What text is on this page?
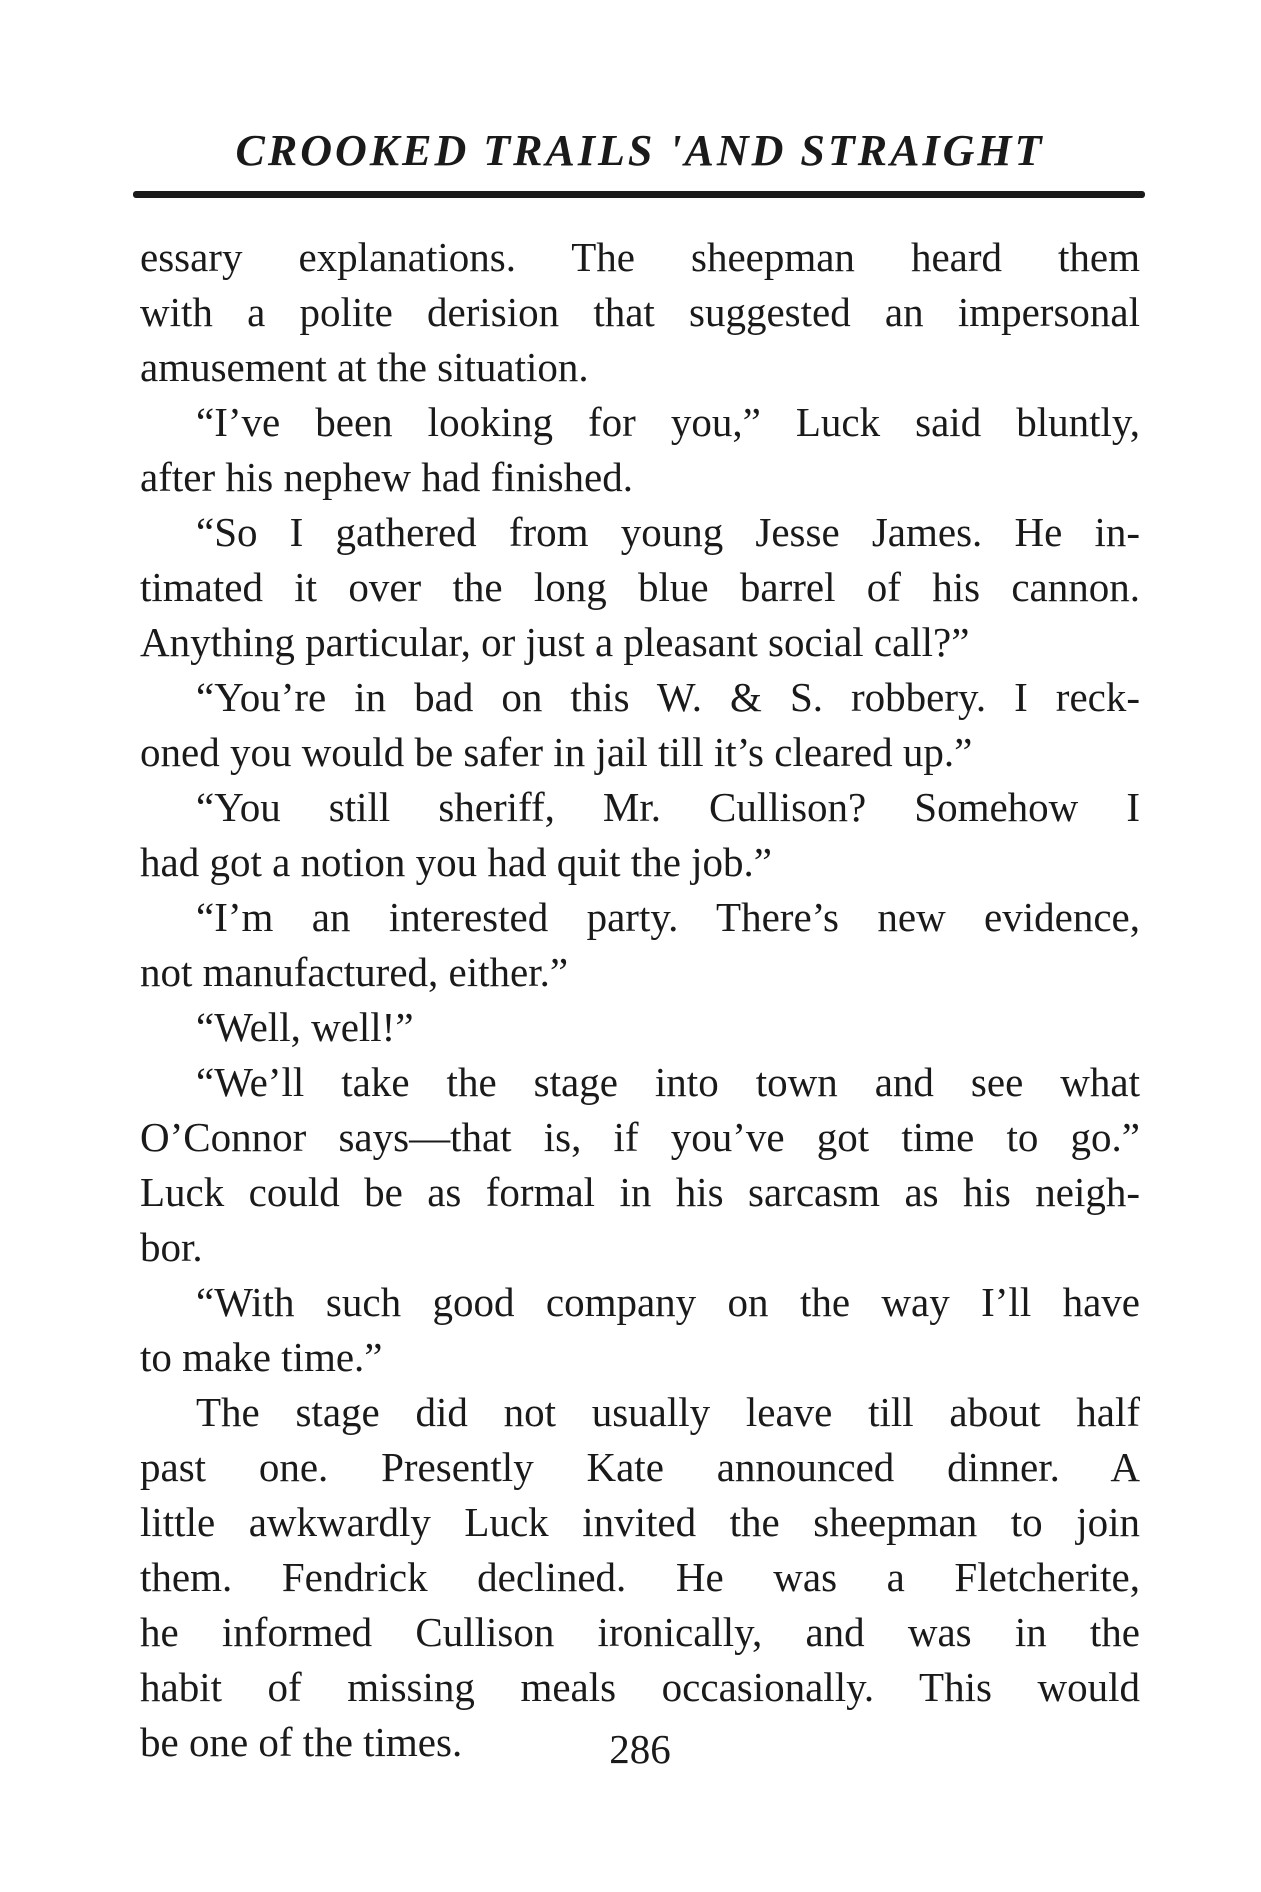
CROOKED TRAILS 'AND STRAIGHT
essary explanations. The sheepman heard them
with a polite derision that suggested an impersonal
amusement at the situation.
“I’ve been looking for you,” Luck said bluntly,
after his nephew had finished.
“So I gathered from young Jesse James. He in-
timated it over the long blue barrel of his cannon.
Anything particular, or just a pleasant social call?”
“You’re in bad on this W. & S. robbery. I reck-
oned you would be safer in jail till it’s cleared up.”
“You still sheriff, Mr. Cullison? Somehow I
had got a notion you had quit the job.”
“I’m an interested party. There’s new evidence,
not manufactured, either.”
“Well, well!”
“We’ll take the stage into town and see what
O’Connor says—that is, if you’ve got time to go.”
Luck could be as formal in his sarcasm as his neigh-
bor.
“With such good company on the way I’ll have
to make time.”
The stage did not usually leave till about half
past one. Presently Kate announced dinner. A
little awkwardly Luck invited the sheepman to join
them. Fendrick declined. He was a Fletcherite,
he informed Cullison ironically, and was in the
habit of missing meals occasionally. This would
be one of the times.	286
